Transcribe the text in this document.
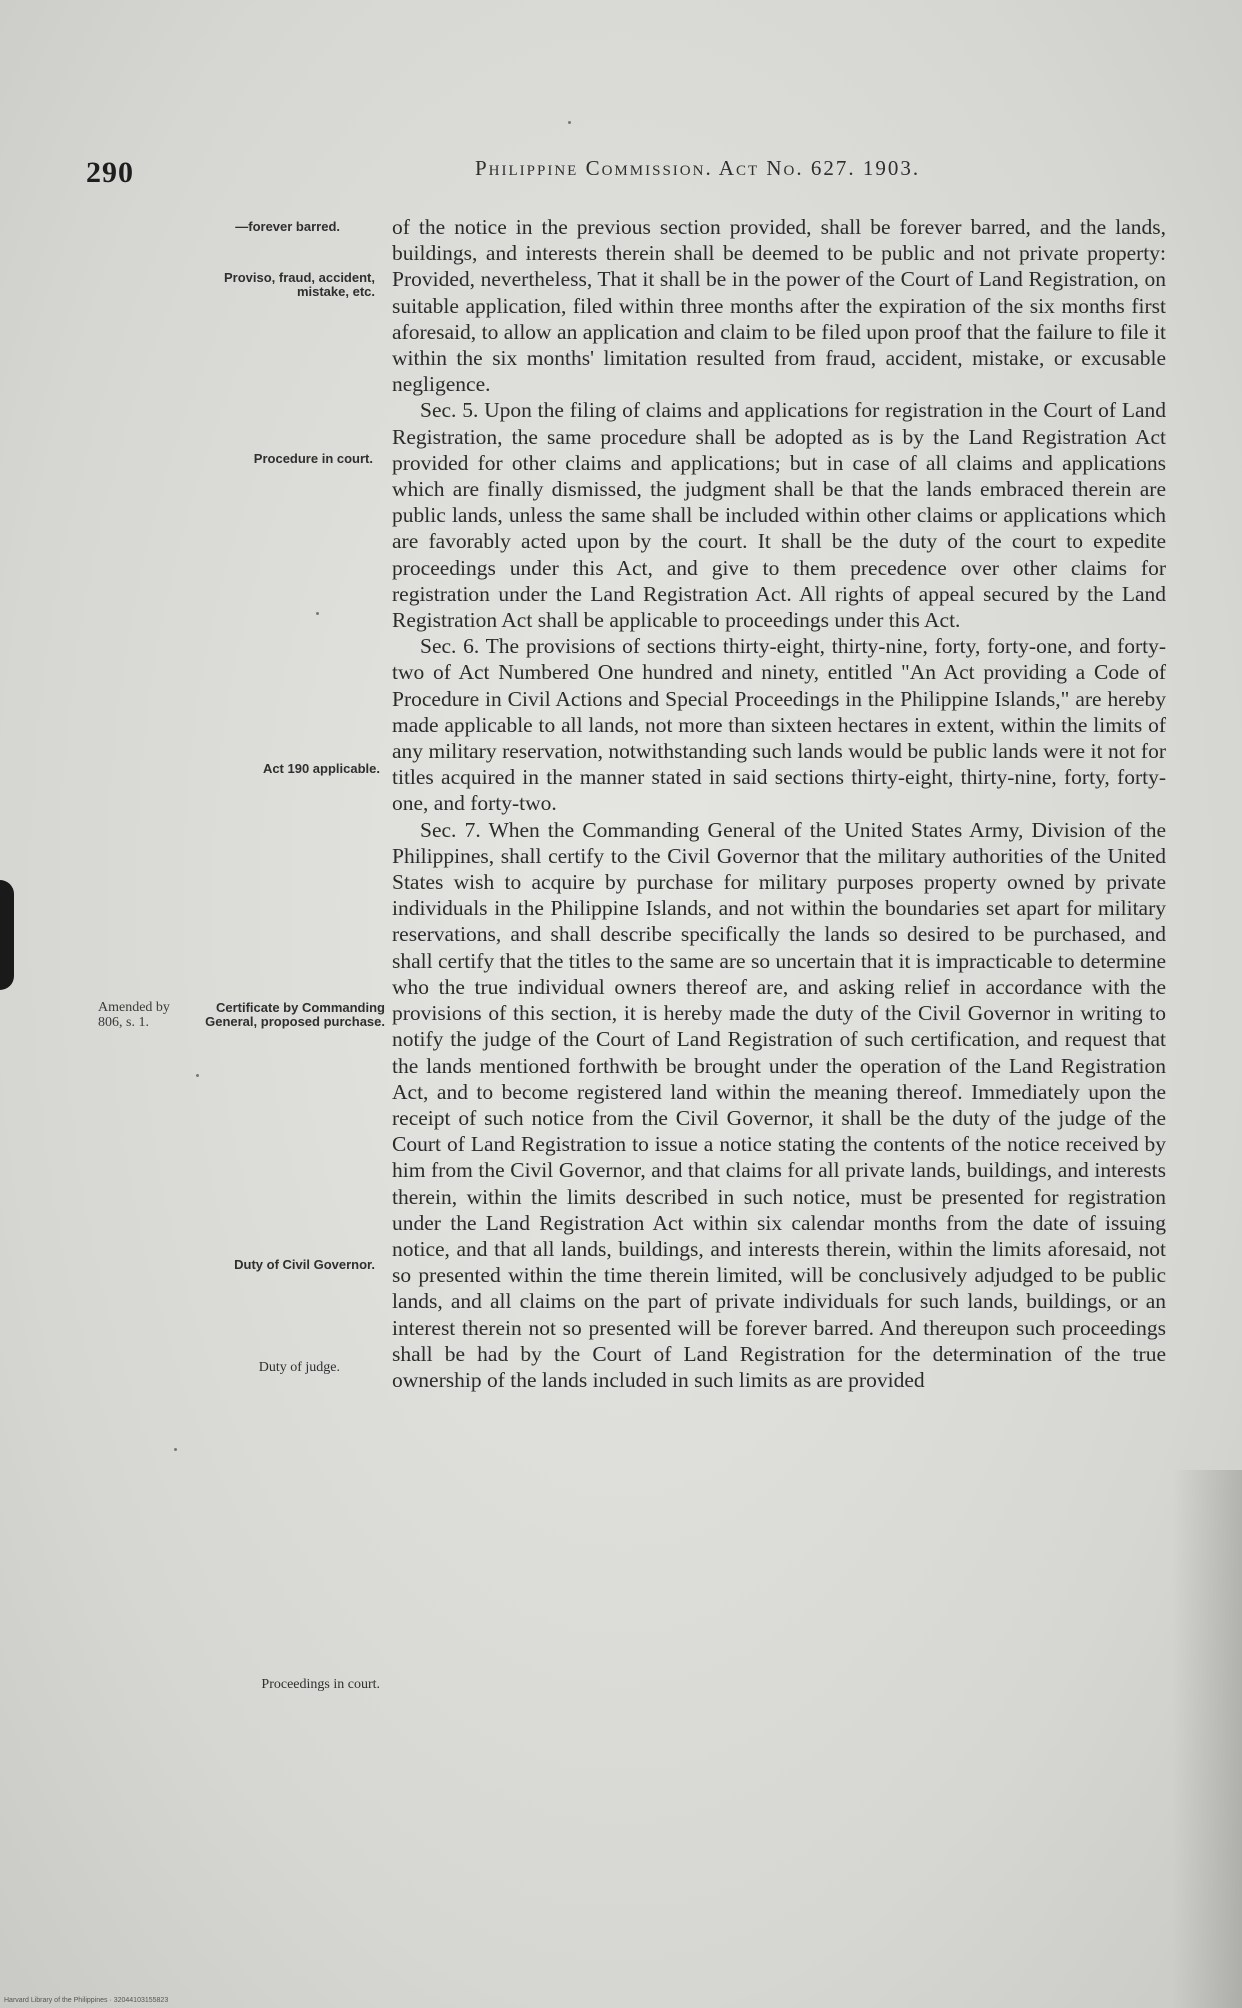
290	Philippine Commission. Act No. 627. 1903.
—forever barred.
Proviso, fraud, accident, mistake, etc.
Procedure in court.
Act 190 applicable.
Amended by 806, s. 1.
Certificate by Commanding General, proposed purchase.
Duty of Civil Governor.
Duty of judge.
Proceedings in court.

of the notice in the previous section provided, shall be forever barred, and the lands, buildings, and interests therein shall be deemed to be public and not private property: Provided, nevertheless, That it shall be in the power of the Court of Land Registration, on suitable application, filed within three months after the expiration of the six months first aforesaid, to allow an application and claim to be filed upon proof that the failure to file it within the six months' limitation resulted from fraud, accident, mistake, or excusable negligence.

Sec. 5. Upon the filing of claims and applications for registration in the Court of Land Registration, the same procedure shall be adopted as is by the Land Registration Act provided for other claims and applications; but in case of all claims and applications which are finally dismissed, the judgment shall be that the lands embraced therein are public lands, unless the same shall be included within other claims or applications which are favorably acted upon by the court. It shall be the duty of the court to expedite proceedings under this Act, and give to them precedence over other claims for registration under the Land Registration Act. All rights of appeal secured by the Land Registration Act shall be applicable to proceedings under this Act.

Sec. 6. The provisions of sections thirty-eight, thirty-nine, forty, forty-one, and forty-two of Act Numbered One hundred and ninety, entitled "An Act providing a Code of Procedure in Civil Actions and Special Proceedings in the Philippine Islands," are hereby made applicable to all lands, not more than sixteen hectares in extent, within the limits of any military reservation, notwithstanding such lands would be public lands were it not for titles acquired in the manner stated in said sections thirty-eight, thirty-nine, forty, forty-one, and forty-two.

Sec. 7. When the Commanding General of the United States Army, Division of the Philippines, shall certify to the Civil Governor that the military authorities of the United States wish to acquire by purchase for military purposes property owned by private individuals in the Philippine Islands, and not within the boundaries set apart for military reservations, and shall describe specifically the lands so desired to be purchased, and shall certify that the titles to the same are so uncertain that it is impracticable to determine who the true individual owners thereof are, and asking relief in accordance with the provisions of this section, it is hereby made the duty of the Civil Governor in writing to notify the judge of the Court of Land Registration of such certification, and request that the lands mentioned forthwith be brought under the operation of the Land Registration Act, and to become registered land within the meaning thereof. Immediately upon the receipt of such notice from the Civil Governor, it shall be the duty of the judge of the Court of Land Registration to issue a notice stating the contents of the notice received by him from the Civil Governor, and that claims for all private lands, buildings, and interests therein, within the limits described in such notice, must be presented for registration under the Land Registration Act within six calendar months from the date of issuing notice, and that all lands, buildings, and interests therein, within the limits aforesaid, not so presented within the time therein limited, will be conclusively adjudged to be public lands, and all claims on the part of private individuals for such lands, buildings, or an interest therein not so presented will be forever barred. And thereupon such proceedings shall be had by the Court of Land Registration for the determination of the true ownership of the lands included in such limits as are provided

Harvard Library of the Philippines · 32044103155823
